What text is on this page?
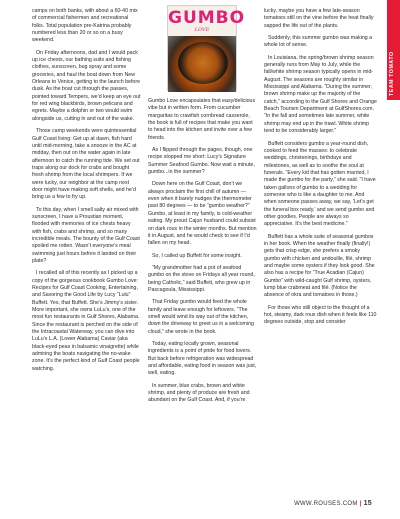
TEAM TOMATO

camps on both banks, with about a 60-40 mix of commercial fishermen and recreational folks. Total population pre-Katrina probably numbered less than 20 or so on a busy weekend.

On Friday afternoons, dad and I would pack up ice chests, our bathing suits and fishing clothes, sunscreen, bug spray and some groceries, and haul the boat down from New Orleans to Venice, getting to the launch before dusk. As the boat cut through the passes, pointed toward Tempers, we’d keep an eye out for red wing blackbirds, brown pelicans and egrets. Maybe a dolphin or two would swim alongside us, cutting in and out of the wake.

Those camp weekends were quintessential Gulf Coast living: Get up at dawn, fish hard until mid-morning, take a snooze in the AC at midday, then out on the water again in late afternoon to catch the running tide. We set out traps along our dock for crabs and bought fresh shrimp from the local shrimpers. If we were lucky, our neighbor at the camp next door might have making soft shells, and he’d bring us a few to fry up.

To this day, when I smell salty air mixed with sunscreen, I have a Proustian moment, flooded with memories of ice chests heavy with fish, crabs and shrimp, and so many incredible meals. The bounty of the Gulf Coast spoiled me rotten. Wasn’t everyone’s meal swimming just hours before it landed on their plate?

I recalled all of this recently as I picked up a copy of the gorgeous cookbook Gumbo Love: Recipes for Gulf Coast Cooking, Entertaining, and Savoring the Good Life by Lucy “Lulu” Buffett. Yes, that Buffett. She’s Jimmy’s sister. More important, she owns LuLu’s, one of the most fun restaurants in Gulf Shores, Alabama. Since the restaurant is perched on the side of the Intracoastal Waterway, you can dive into LuLu’s L.A. (Lower Alabama) Caviar (aka black-eyed peas in balsamic vinaigrette) while admiring the boats navigating the no-wake zone. It’s the perfect kind of Gulf Coast people watching.

GUMBO
LOVE

Gumbo Love encapsulates that easy/delicious vibe but in written form. From cucumber margaritas to crawfish cornbread casserole, the book is full of recipes that make you want to head into the kitchen and invite over a few friends.

As I flipped through the pages, though, one recipe stopped me short: Lucy’s Signature Summer Seafood Gumbo. Now wait a minute, gumbo...in the summer?

Down here on the Gulf Coast, don’t we always proclaim the first chill of autumn — even when it barely nudges the thermometer past 80 degrees — to be “gumbo weather?” Gumbo, at least in my family, is cold-weather eating. My proud Cajun husband could subsist on dark roux in the winter months. But mention it in August, and he would check to see if I’d fallen on my head.

So, I called up Buffett for some insight.

“My grandmother had a pot of seafood gumbo on the stove on Fridays all year round, being Catholic,” said Buffett, who grew up in Pascagoula, Mississippi.

That Friday gumbo would feed the whole family and leave enough for leftovers. “The smell would wind its way out of the kitchen, down the driveway to greet us in a welcoming cloud,” she wrote in the book.

Today, eating locally grown, seasonal ingredients is a point of pride for food lovers. But back before refrigeration was widespread and affordable, eating food in season was just, well, eating.

In summer, blue crabs, brown and white shrimp, and plenty of produce are fresh and abundant on the Gulf Coast. And, if you’re

lucky, maybe you have a few late-season tomatoes still on the vine before the heat finally sapped the life out of the plants.

Suddenly, this summer gumbo was making a whole lot of sense.

In Louisiana, the spring/brown shrimp season generally runs from May to July, while the fall/white shrimp season typically opens in mid-August. The seasons are roughly similar in Mississippi and Alabama. “During the summer, brown shrimp make up the majority of the catch,” according to the Gulf Shores and Orange Beach Tourism Department at GulfShores.com. “In the fall and sometimes late summer, white shrimp may end up in the trawl. White shrimp tend to be considerably larger.”

Buffett considers gumbo a year-round dish, cooked to feed the masses: to celebrate weddings, christenings, birthdays and milestones, as well as to soothe the soul at funerals. “Every kid that has gotten married, I made the gumbo for the party,” she said. “I have taken gallons of gumbo to a wedding for someone who is like a daughter to me. And when someone passes away, we say, ‘Let’s get the funeral box ready,’ and we send gumbo and other goodies. People are always so appreciative. It’s the best medicine.”

Buffett has a whole suite of seasonal gumbos in her book. When the weather finally (finally!) gets that crisp edge, she prefers a smoky gumbo with chicken and andouille, filé, shrimp and maybe some oysters if they look good. She also has a recipe for “True Acadian (Cajun) Gumbo” with wild-caught Gulf shrimp, oysters, lump blue crabmeat and filé. (Notice the absence of okra and tomatoes in those.)

For those who still object to the thought of a hot, steamy, dark roux dish when it feels like 110 degrees outside, stop and consider

WWW.ROUSES.COM | 15
